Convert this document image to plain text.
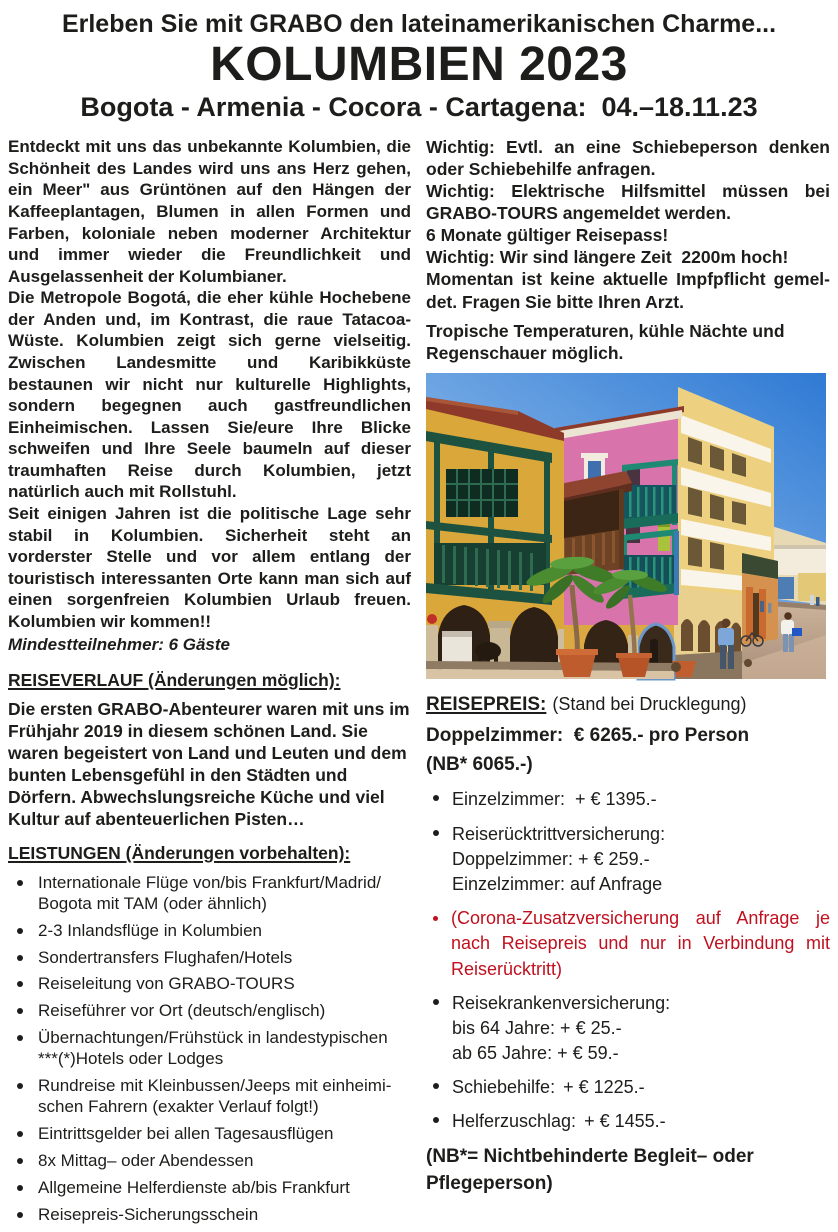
Erleben Sie mit GRABO den lateinamerikanischen Charme...
KOLUMBIEN 2023
Bogota - Armenia - Cocora - Cartagena:  04.–18.11.23

Entdeckt mit uns das unbekannte Kolumbien, die Schönheit des Landes wird uns ans Herz gehen, ein Meer" aus Grüntönen auf den Hängen der Kaffeeplantagen, Blumen in allen Formen und Farben, koloniale neben moderner Architektur und immer wieder die Freundlichkeit und Ausgelassenheit der Kolumbianer.

Die Metropole Bogotá, die eher kühle Hochebene der Anden und, im Kontrast, die raue Tatacoa-Wüste. Kolumbien zeigt sich gerne vielseitig. Zwischen Landesmitte und Karibikküste bestaunen wir nicht nur kulturelle Highlights, sondern begegnen auch gastfreundlichen Einheimischen. Lassen Sie/eure Ihre Blicke schweifen und Ihre Seele baumeln auf dieser traumhaften Reise durch Kolumbien, jetzt natürlich auch mit Rollstuhl.

Seit einigen Jahren ist die politische Lage sehr stabil in Kolumbien. Sicherheit steht an vorderster Stelle und vor allem entlang der touristisch interessanten Orte kann man sich auf einen sorgenfreien Kolumbien Urlaub freuen. Kolumbien wir kommen!!

Mindestteilnehmer: 6 Gäste

REISEVERLAUF (Änderungen möglich):

Die ersten GRABO-Abenteurer waren mit uns im Frühjahr 2019 in diesem schönen Land. Sie waren begeistert von Land und Leuten und dem bunten Lebensgefühl in den Städten und Dörfern. Abwechslungsreiche Küche und viel Kultur auf abenteuerlichen Pisten…

LEISTUNGEN (Änderungen vorbehalten):
Internationale Flüge von/bis Frankfurt/Madrid/ Bogota mit TAM (oder ähnlich)
2-3 Inlandsflüge in Kolumbien
Sondertransfers Flughafen/Hotels
Reiseleitung von GRABO-TOURS
Reiseführer vor Ort (deutsch/englisch)
Übernachtungen/Frühstück in landestypischen ***(*)Hotels oder Lodges
Rundreise mit Kleinbussen/Jeeps mit einheimischen Fahrern (exakter Verlauf folgt!)
Eintrittsgelder bei allen Tagesausflügen
8x Mittag– oder Abendessen
Allgemeine Helferdienste ab/bis Frankfurt
Reisepreis-Sicherungsschein

Wichtig: Evtl. an eine Schiebeperson denken oder Schiebehilfe anfragen.

Wichtig: Elektrische Hilfsmittel müssen bei GRABO-TOURS angemeldet werden.

6 Monate gültiger Reisepass!

Wichtig: Wir sind längere Zeit  2200m hoch!

Momentan ist keine aktuelle Impfpflicht gemeldet. Fragen Sie bitte Ihren Arzt.

Tropische Temperaturen, kühle Nächte und Regenschauer möglich.

REISEPREIS: (Stand bei Drucklegung)
Doppelzimmer:  € 6265.- pro Person
(NB* 6065.-)
Einzelzimmer:  + € 1395.-
Reiserücktrittversicherung:
Doppelzimmer: + € 259.-
Einzelzimmer: auf Anfrage
(Corona-Zusatzversicherung auf Anfrage je nach Reisepreis und nur in Verbindung mit Reiserücktritt)
Reisekrankenversicherung:
bis 64 Jahre: + € 25.-
ab 65 Jahre: + € 59.-
Schiebehilfe: + € 1225.-
Helferzuschlag: + € 1455.-

(NB*= Nichtbehinderte Begleit– oder Pflegeperson)
